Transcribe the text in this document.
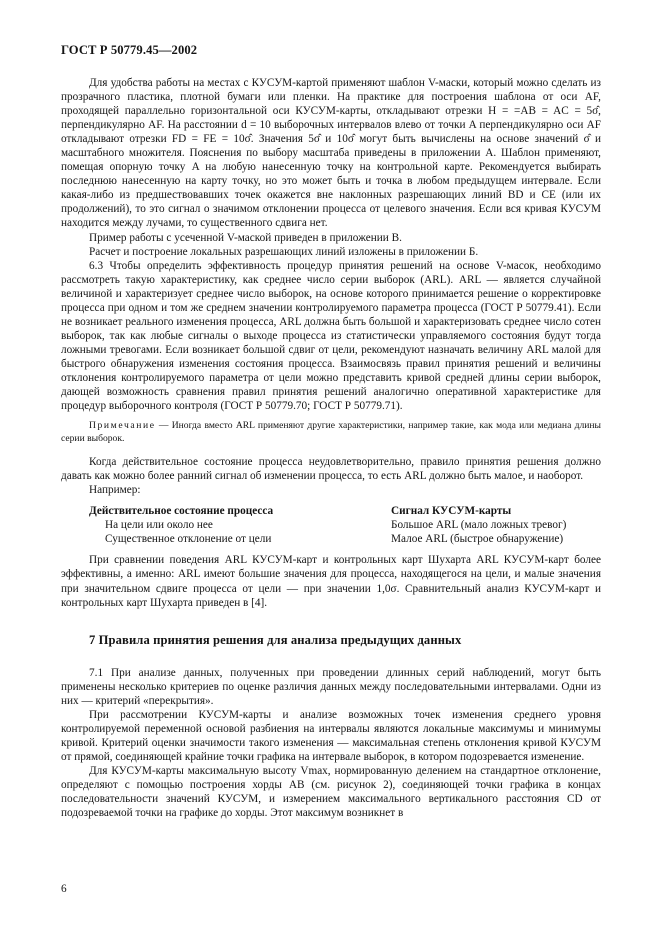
ГОСТ Р 50779.45—2002

Для удобства работы на местах с КУСУМ-картой применяют шаблон V-маски, который можно сделать из прозрачного пластика, плотной бумаги или пленки. На практике для построения шаблона от оси AF, проходящей параллельно горизонтальной оси КУСУМ-карты, откладывают отрезки H = =AB = AC = 5σ̂, перпендикулярно AF. На расстоянии d = 10 выборочных интервалов влево от точки A перпендикулярно оси AF откладывают отрезки FD = FE = 10σ̂. Значения 5σ̂ и 10σ̂ могут быть вычислены на основе значений σ̂ и масштабного множителя. Пояснения по выбору масштаба приведены в приложении А. Шаблон применяют, помещая опорную точку A на любую нанесенную точку на контрольной карте. Рекомендуется выбирать последнюю нанесенную на карту точку, но это может быть и точка в любом предыдущем интервале. Если какая-либо из предшествовавших точек окажется вне наклонных разрешающих линий BD и CE (или их продолжений), то это сигнал о значимом отклонении процесса от целевого значения. Если вся кривая КУСУМ находится между лучами, то существенного сдвига нет.

Пример работы с усеченной V-маской приведен в приложении В.

Расчет и построение локальных разрешающих линий изложены в приложении Б.

6.3 Чтобы определить эффективность процедур принятия решений на основе V-масок, необходимо рассмотреть такую характеристику, как среднее число серии выборок (ARL). ARL — является случайной величиной и характеризует среднее число выборок, на основе которого принимается решение о корректировке процесса при одном и том же среднем значении контролируемого параметра процесса (ГОСТ Р 50779.41). Если не возникает реального изменения процесса, ARL должна быть большой и характеризовать среднее число сотен выборок, так как любые сигналы о выходе процесса из статистически управляемого состояния будут тогда ложными тревогами. Если возникает большой сдвиг от цели, рекомендуют назначать величину ARL малой для быстрого обнаружения изменения состояния процесса. Взаимосвязь правил принятия решений и величины отклонения контролируемого параметра от цели можно представить кривой средней длины серии выборок, дающей возможность сравнения правил принятия решений аналогично оперативной характеристике для процедур выборочного контроля (ГОСТ Р 50779.70; ГОСТ Р 50779.71).

Примечание — Иногда вместо ARL применяют другие характеристики, например такие, как мода или медиана длины серии выборок.

Когда действительное состояние процесса неудовлетворительно, правило принятия решения должно давать как можно более ранний сигнал об изменении процесса, то есть ARL должно быть малое, и наоборот.

Например:

Действительное состояние процесса	Сигнал КУСУМ-карты
На цели или около нее	Большое ARL (мало ложных тревог)
Существенное отклонение от цели	Малое ARL (быстрое обнаружение)

При сравнении поведения ARL КУСУМ-карт и контрольных карт Шухарта ARL КУСУМ-карт более эффективны, а именно: ARL имеют большие значения для процесса, находящегося на цели, и малые значения при значительном сдвиге процесса от цели — при значении 1,0σ. Сравнительный анализ КУСУМ-карт и контрольных карт Шухарта приведен в [4].

7 Правила принятия решения для анализа предыдущих данных

7.1 При анализе данных, полученных при проведении длинных серий наблюдений, могут быть применены несколько критериев по оценке различия данных между последовательными интервалами. Одни из них — критерий «перекрытия».

При рассмотрении КУСУМ-карты и анализе возможных точек изменения среднего уровня контролируемой переменной основой разбиения на интервалы являются локальные максимумы и минимумы кривой. Критерий оценки значимости такого изменения — максимальная степень отклонения кривой КУСУМ от прямой, соединяющей крайние точки графика на интервале выборок, в котором подозревается изменение.

Для КУСУМ-карты максимальную высоту Vmax, нормированную делением на стандартное отклонение, определяют с помощью построения хорды AB (см. рисунок 2), соединяющей точки графика в концах последовательности значений КУСУМ, и измерением максимального вертикального расстояния CD от подозреваемой точки на графике до хорды. Этот максимум возникнет в

6
